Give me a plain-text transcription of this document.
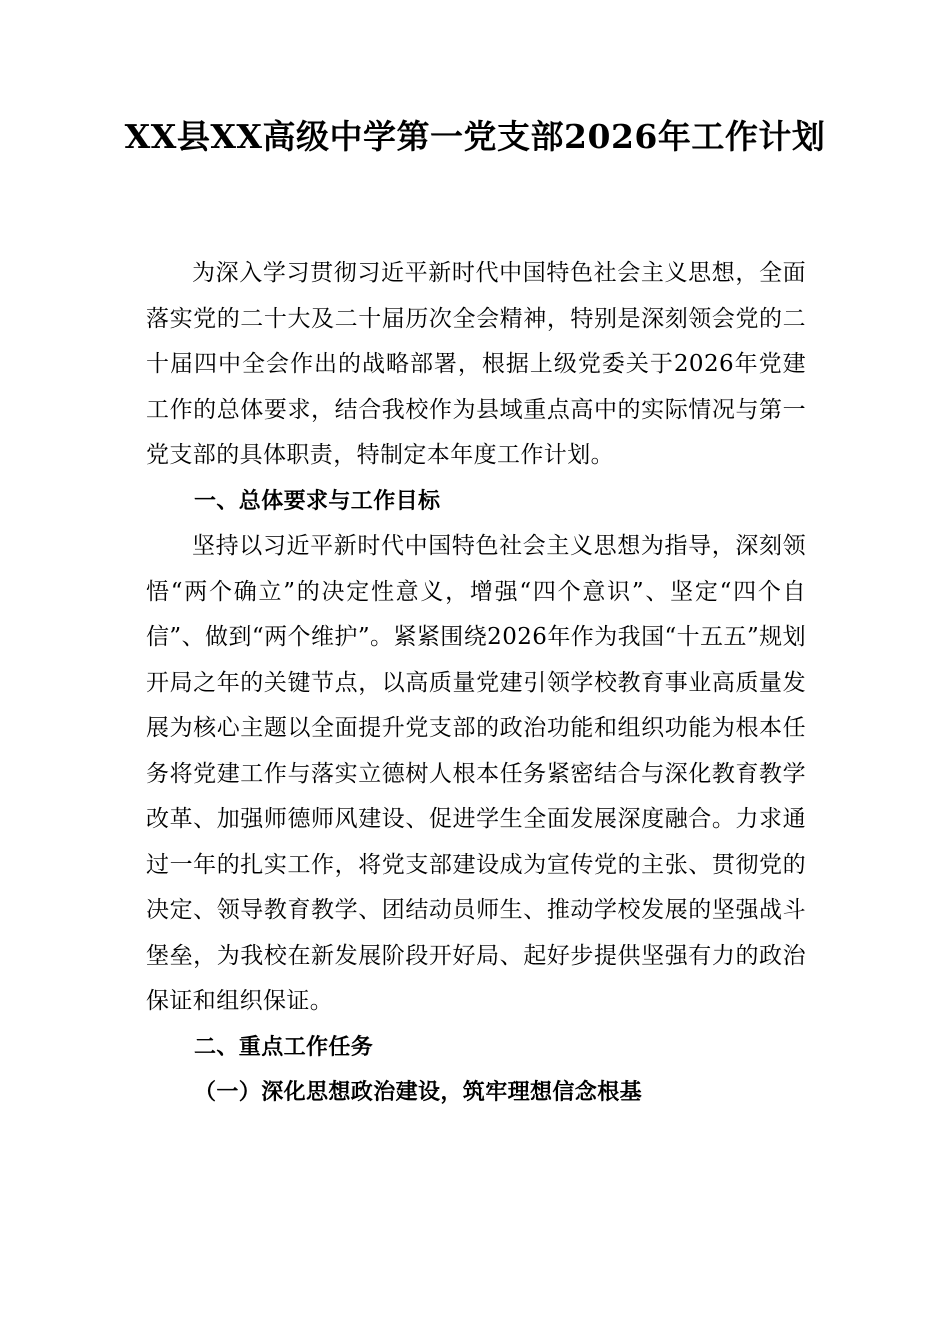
XX县XX高级中学第一党支部2026年工作计划

为深入学习贯彻习近平新时代中国特色社会主义思想，全面落实党的二十大及二十届历次全会精神，特别是深刻领会党的二十届四中全会作出的战略部署，根据上级党委关于2026年党建工作的总体要求，结合我校作为县域重点高中的实际情况与第一党支部的具体职责，特制定本年度工作计划。

一、总体要求与工作目标

坚持以习近平新时代中国特色社会主义思想为指导，深刻领悟“两个确立”的决定性意义，增强“四个意识”、坚定“四个自信”、做到“两个维护”。紧紧围绕2026年作为我国“十五五”规划开局之年的关键节点，以高质量党建引领学校教育事业高质量发展为核心主题以全面提升党支部的政治功能和组织功能为根本任务将党建工作与落实立德树人根本任务紧密结合与深化教育教学改革、加强师德师风建设、促进学生全面发展深度融合。力求通过一年的扎实工作，将党支部建设成为宣传党的主张、贯彻党的决定、领导教育教学、团结动员师生、推动学校发展的坚强战斗堡垒，为我校在新发展阶段开好局、起好步提供坚强有力的政治保证和组织保证。

二、重点工作任务

（一）深化思想政治建设，筑牢理想信念根基
